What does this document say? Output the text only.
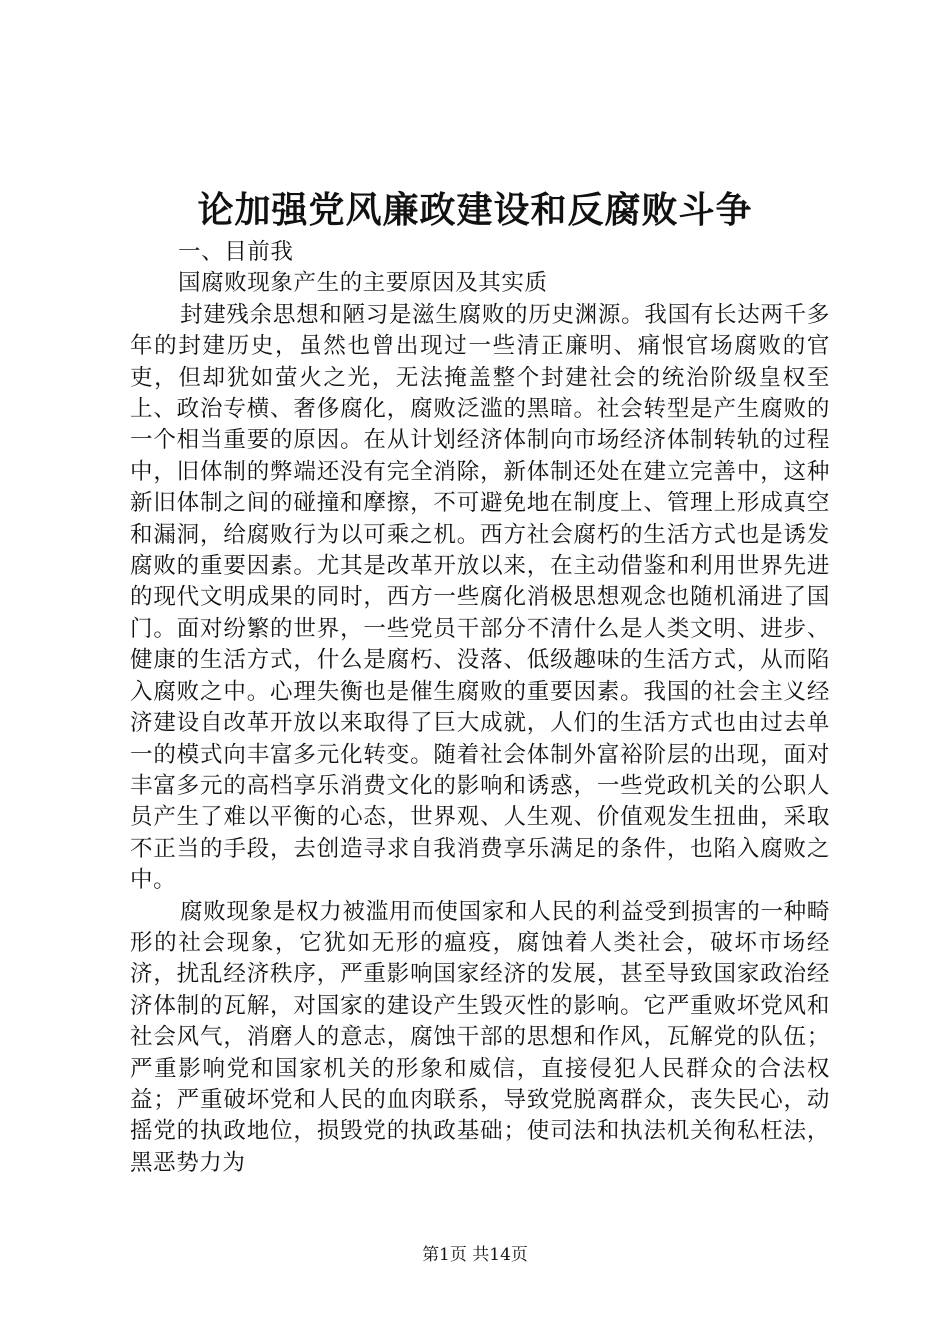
论加强党风廉政建设和反腐败斗争

一、目前我

国腐败现象产生的主要原因及其实质

封建残余思想和陋习是滋生腐败的历史渊源。我国有长达两千多年的封建历史，虽然也曾出现过一些清正廉明、痛恨官场腐败的官吏，但却犹如萤火之光，无法掩盖整个封建社会的统治阶级皇权至上、政治专横、奢侈腐化，腐败泛滥的黑暗。社会转型是产生腐败的一个相当重要的原因。在从计划经济体制向市场经济体制转轨的过程中，旧体制的弊端还没有完全消除，新体制还处在建立完善中，这种新旧体制之间的碰撞和摩擦，不可避免地在制度上、管理上形成真空和漏洞，给腐败行为以可乘之机。西方社会腐朽的生活方式也是诱发腐败的重要因素。尤其是改革开放以来，在主动借鉴和利用世界先进的现代文明成果的同时，西方一些腐化消极思想观念也随机涌进了国门。面对纷繁的世界，一些党员干部分不清什么是人类文明、进步、健康的生活方式，什么是腐朽、没落、低级趣味的生活方式，从而陷入腐败之中。心理失衡也是催生腐败的重要因素。我国的社会主义经济建设自改革开放以来取得了巨大成就，人们的生活方式也由过去单一的模式向丰富多元化转变。随着社会体制外富裕阶层的出现，面对丰富多元的高档享乐消费文化的影响和诱惑，一些党政机关的公职人员产生了难以平衡的心态，世界观、人生观、价值观发生扭曲，采取不正当的手段，去创造寻求自我消费享乐满足的条件，也陷入腐败之中。

腐败现象是权力被滥用而使国家和人民的利益受到损害的一种畸形的社会现象，它犹如无形的瘟疫，腐蚀着人类社会，破坏市场经济，扰乱经济秩序，严重影响国家经济的发展，甚至导致国家政治经济体制的瓦解，对国家的建设产生毁灭性的影响。它严重败坏党风和社会风气，消磨人的意志，腐蚀干部的思想和作风，瓦解党的队伍；严重影响党和国家机关的形象和威信，直接侵犯人民群众的合法权益；严重破坏党和人民的血肉联系，导致党脱离群众，丧失民心，动摇党的执政地位，损毁党的执政基础；使司法和执法机关徇私枉法，黑恶势力为

第1页 共14页
